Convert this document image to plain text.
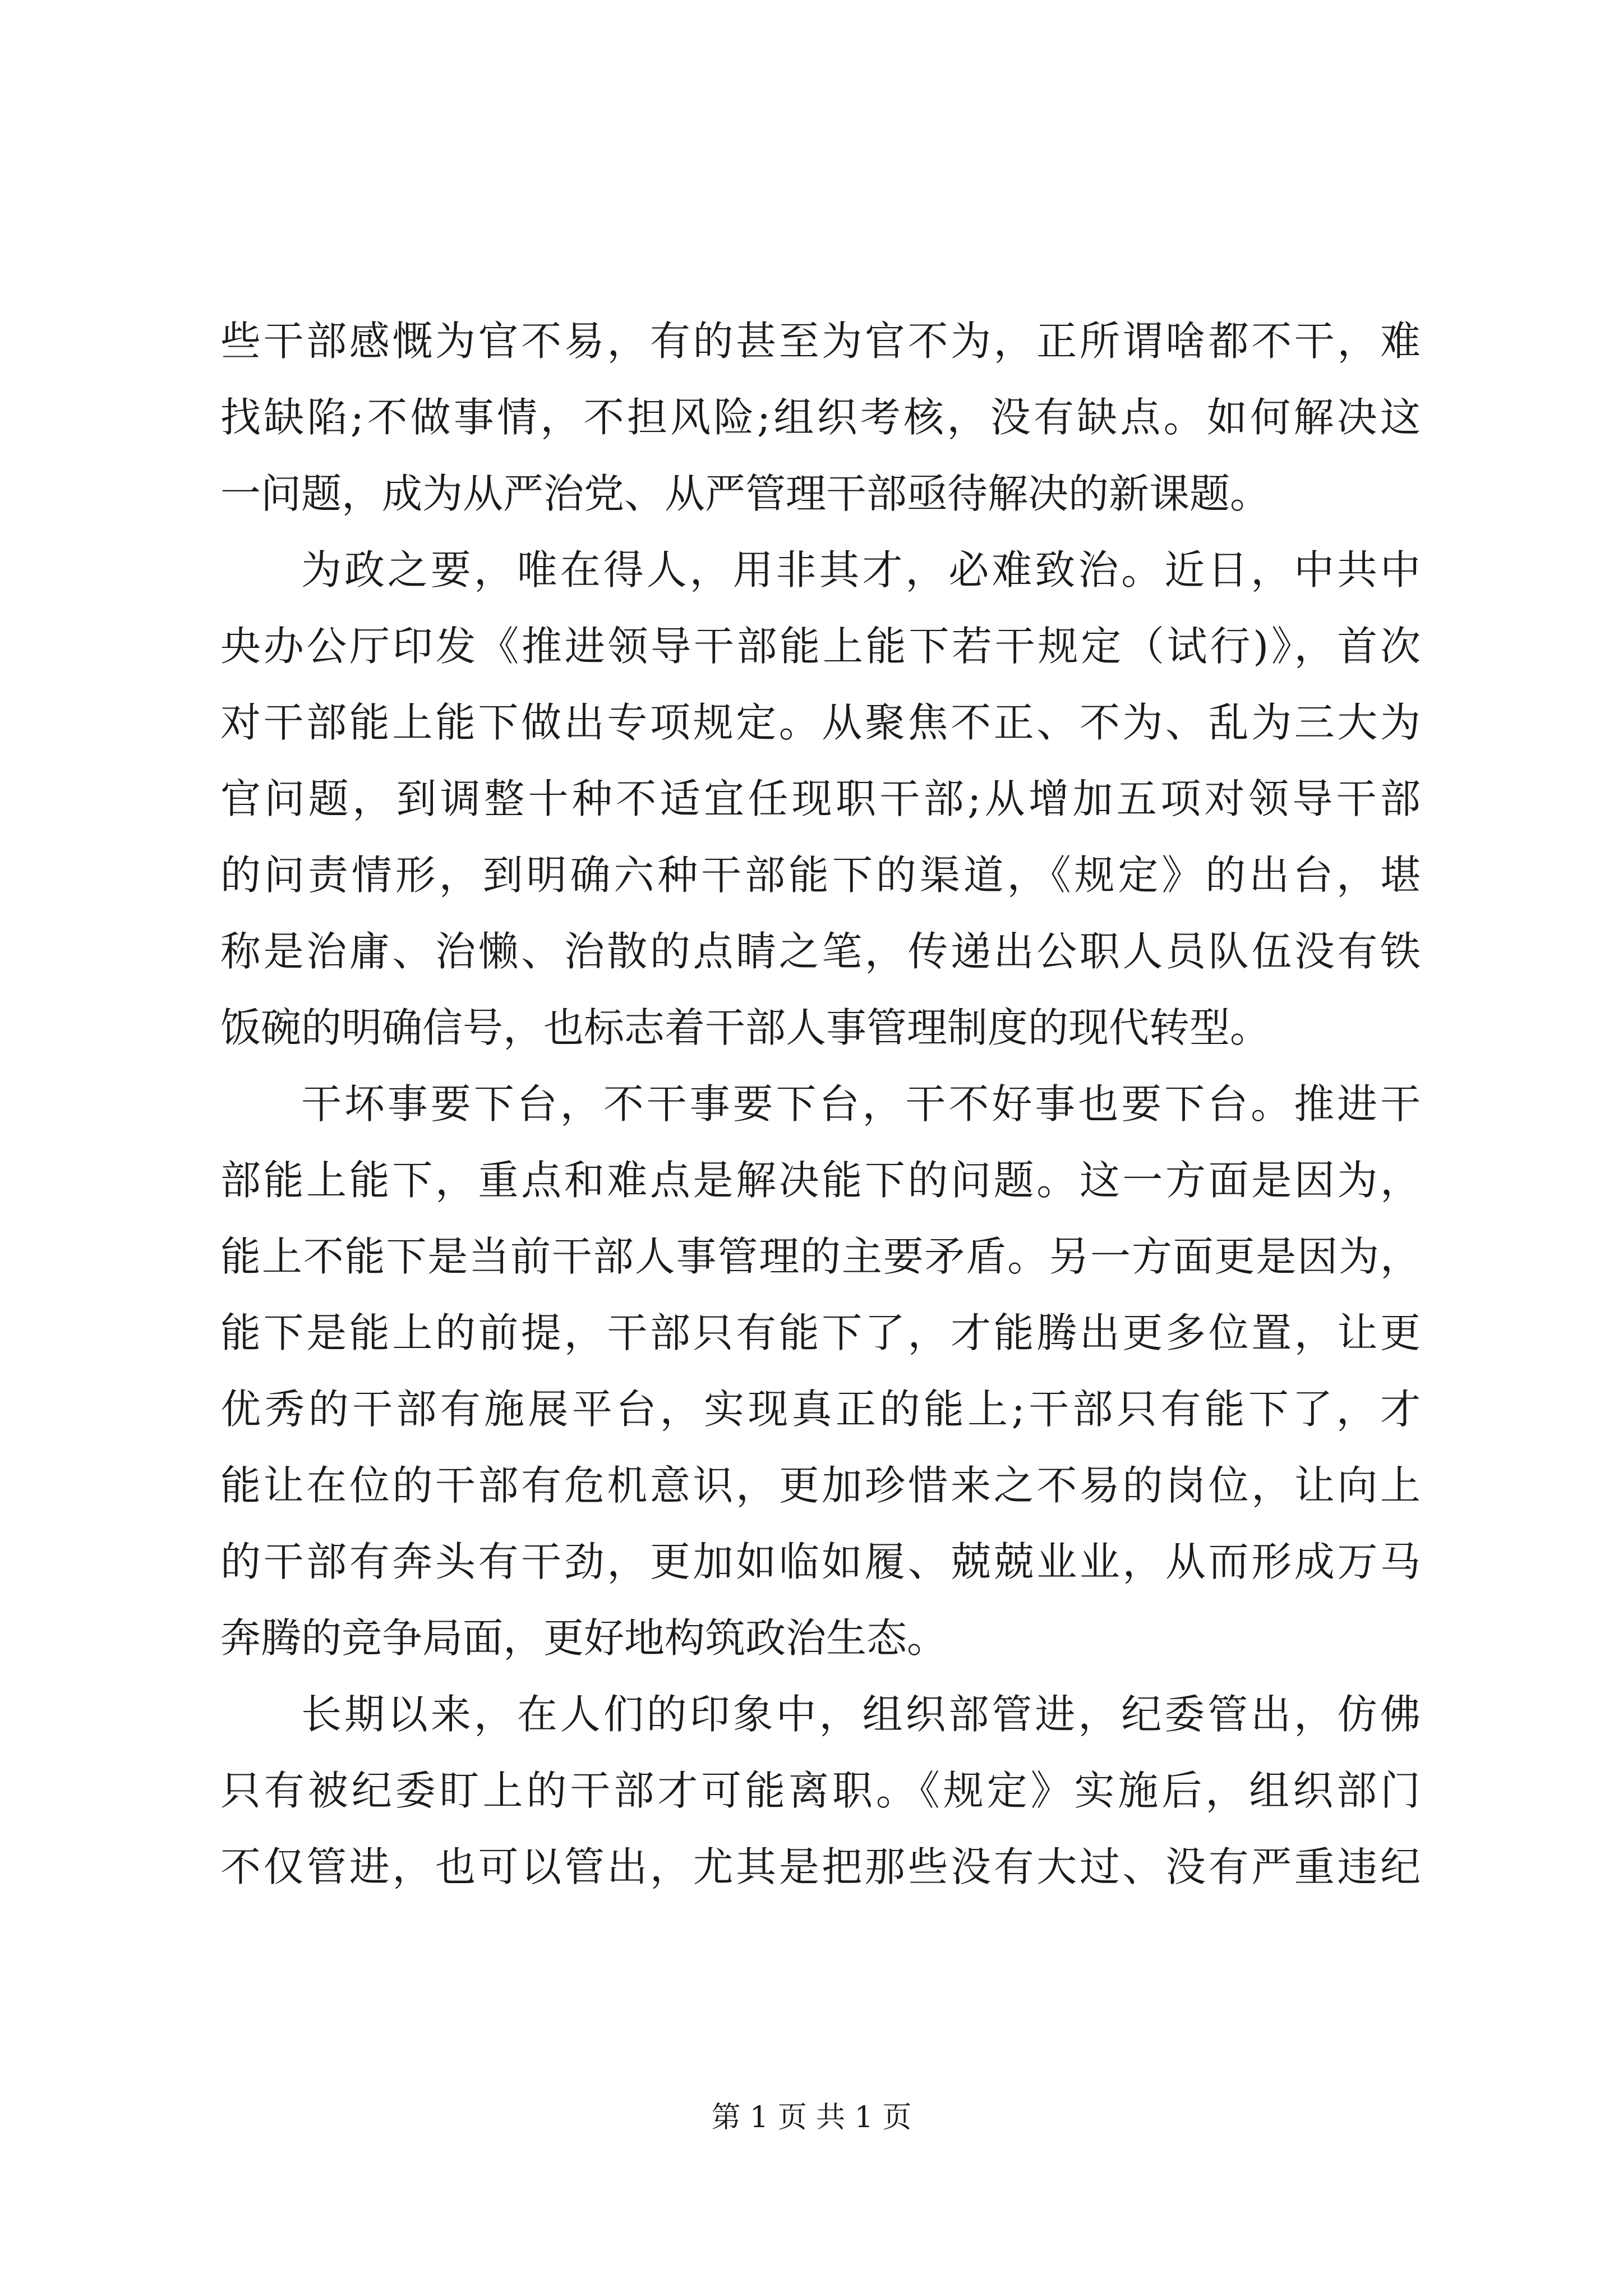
些干部感慨为官不易，有的甚至为官不为，正所谓啥都不干，难
找缺陷;不做事情，不担风险;组织考核，没有缺点。如何解决这
一问题，成为从严治党、从严管理干部亟待解决的新课题。
为政之要，唯在得人，用非其才，必难致治。近日，中共中
央办公厅印发《推进领导干部能上能下若干规定（试行)》，首次
对干部能上能下做出专项规定。从聚焦不正、不为、乱为三大为
官问题，到调整十种不适宜任现职干部;从增加五项对领导干部
的问责情形，到明确六种干部能下的渠道，《规定》的出台，堪
称是治庸、治懒、治散的点睛之笔，传递出公职人员队伍没有铁
饭碗的明确信号，也标志着干部人事管理制度的现代转型。
干坏事要下台，不干事要下台，干不好事也要下台。推进干
部能上能下，重点和难点是解决能下的问题。这一方面是因为，
能上不能下是当前干部人事管理的主要矛盾。另一方面更是因为，
能下是能上的前提，干部只有能下了，才能腾出更多位置，让更
优秀的干部有施展平台，实现真正的能上;干部只有能下了，才
能让在位的干部有危机意识，更加珍惜来之不易的岗位，让向上
的干部有奔头有干劲，更加如临如履、兢兢业业，从而形成万马
奔腾的竞争局面，更好地构筑政治生态。
长期以来，在人们的印象中，组织部管进，纪委管出，仿佛
只有被纪委盯上的干部才可能离职。《规定》实施后，组织部门
不仅管进，也可以管出，尤其是把那些没有大过、没有严重违纪
第 1 页 共 1 页
